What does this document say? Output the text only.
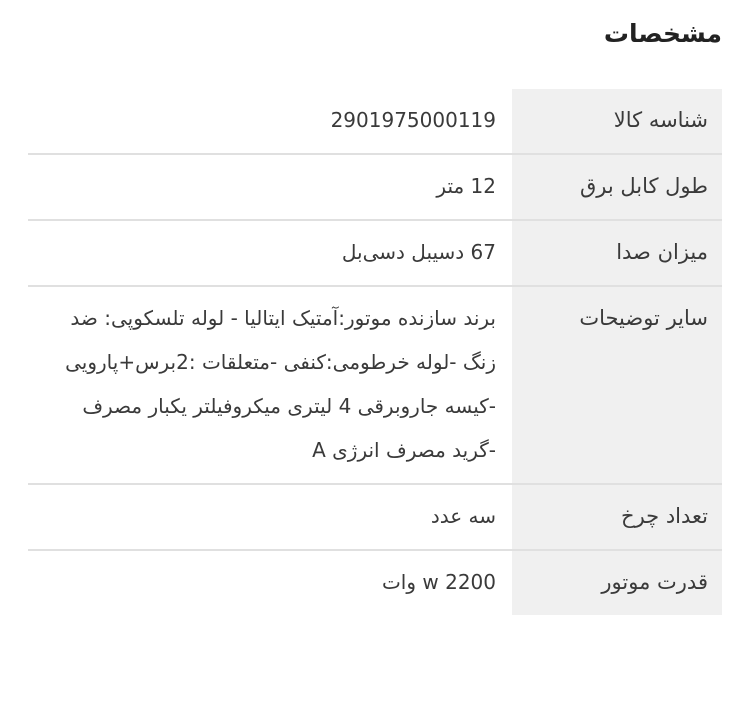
مشخصات
شناسه کالا
2901975000119
طول کابل برق
12 متر
میزان صدا
67 دسیبل دسی‌بل
سایر توضیحات
برند سازنده موتور:آمتیک ایتالیا - لوله تلسکوپی: ضد زنگ -لوله خرطومی:کنفی -متعلقات :2برس+پارویی -کیسه جاروبرقی 4 لیتری میکروفیلتر یکبار مصرف -گرید مصرف انرژی A
تعداد چرخ
سه عدد
قدرت موتور
2200 w وات
